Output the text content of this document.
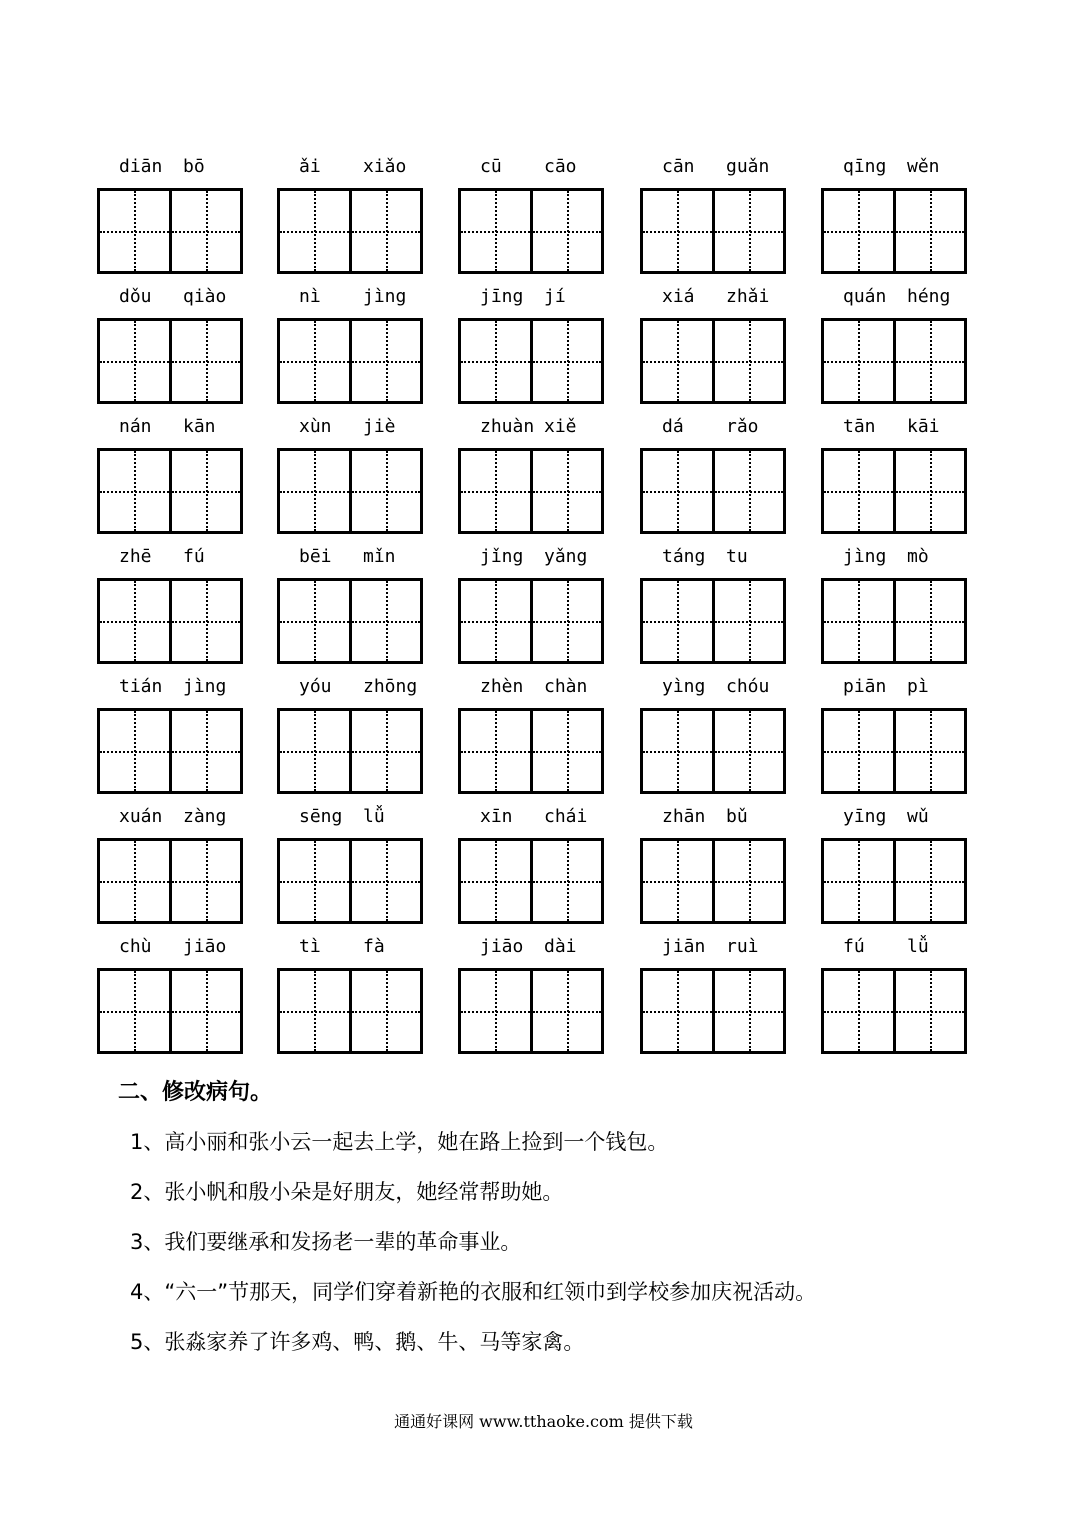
diān bō	ǎi xiǎo	cū cāo	cān guǎn	qīng wěn
dǒu qiào	nì jìng	jīng jí	xiá zhǎi	quán héng
nán kān	xùn jiè	zhuàn xiě	dá rǎo	tān kāi
zhē fú	bēi mǐn	jǐng yǎng	táng tu	jìng mò
tián jìng	yóu zhōng	zhèn chàn	yìng chóu	piān pì
xuán zàng	sēng lǚ	xīn chái	zhān bǔ	yīng wǔ
chù jiāo	tì fà	jiāo dài	jiān ruì	fú lǚ
二、修改病句。
1、高小丽和张小云一起去上学，她在路上捡到一个钱包。
2、张小帆和殷小朵是好朋友，她经常帮助她。
3、我们要继承和发扬老一辈的革命事业。
4、“六一”节那天，同学们穿着新艳的衣服和红领巾到学校参加庆祝活动。
5、张淼家养了许多鸡、鸭、鹅、牛、马等家禽。
通通好课网 www.tthaoke.com 提供下载
